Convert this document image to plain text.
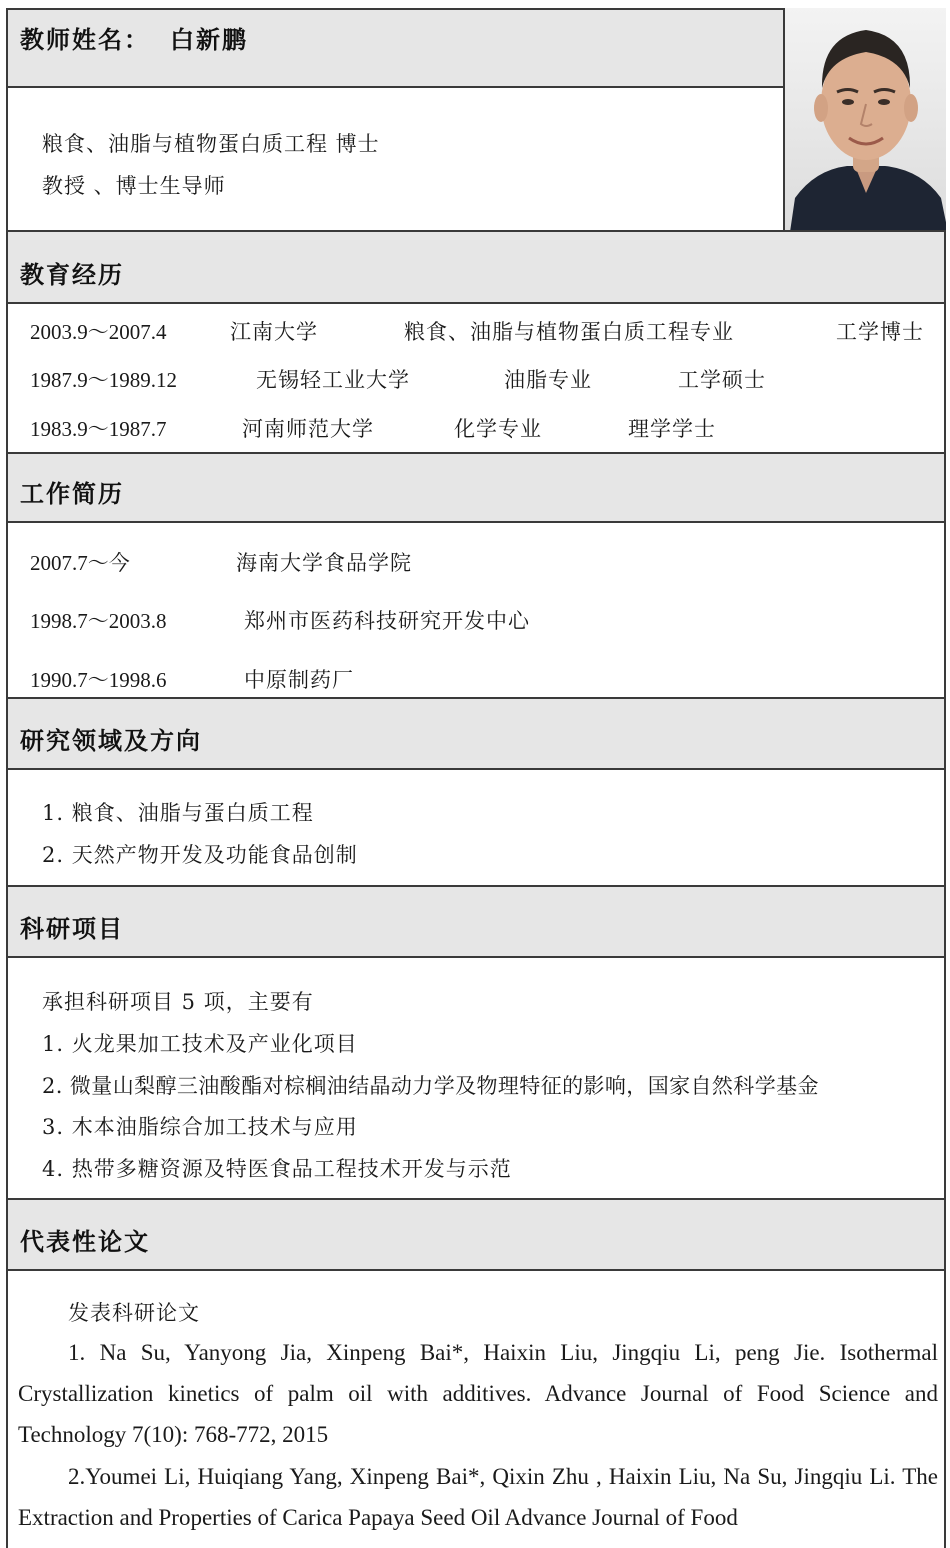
教师姓名： 白新鹏
粮食、油脂与植物蛋白质工程 博士
教授 、博士生导师
教育经历
2003.9～2007.4	江南大学	粮食、油脂与植物蛋白质工程专业	工学博士
1987.9～1989.12	无锡轻工业大学	油脂专业	工学硕士
1983.9～1987.7	河南师范大学	化学专业	理学学士
工作简历
2007.7～今	海南大学食品学院
1998.7～2003.8	郑州市医药科技研究开发中心
1990.7～1998.6	中原制药厂
研究领域及方向
1. 粮食、油脂与蛋白质工程
2. 天然产物开发及功能食品创制
科研项目
承担科研项目 5 项，主要有
1. 火龙果加工技术及产业化项目
2. 微量山梨醇三油酸酯对棕榈油结晶动力学及物理特征的影响，国家自然科学基金
3. 木本油脂综合加工技术与应用
4. 热带多糖资源及特医食品工程技术开发与示范
代表性论文
发表科研论文
1. Na Su, Yanyong Jia, Xinpeng Bai*, Haixin Liu, Jingqiu Li, peng Jie. Isothermal Crystallization kinetics of palm oil with additives. Advance Journal of Food Science and Technology 7(10): 768-772, 2015
2.Youmei Li, Huiqiang Yang, Xinpeng Bai*, Qixin Zhu , Haixin Liu, Na Su, Jingqiu Li. The Extraction and Properties of Carica Papaya Seed Oil Advance Journal of Food
